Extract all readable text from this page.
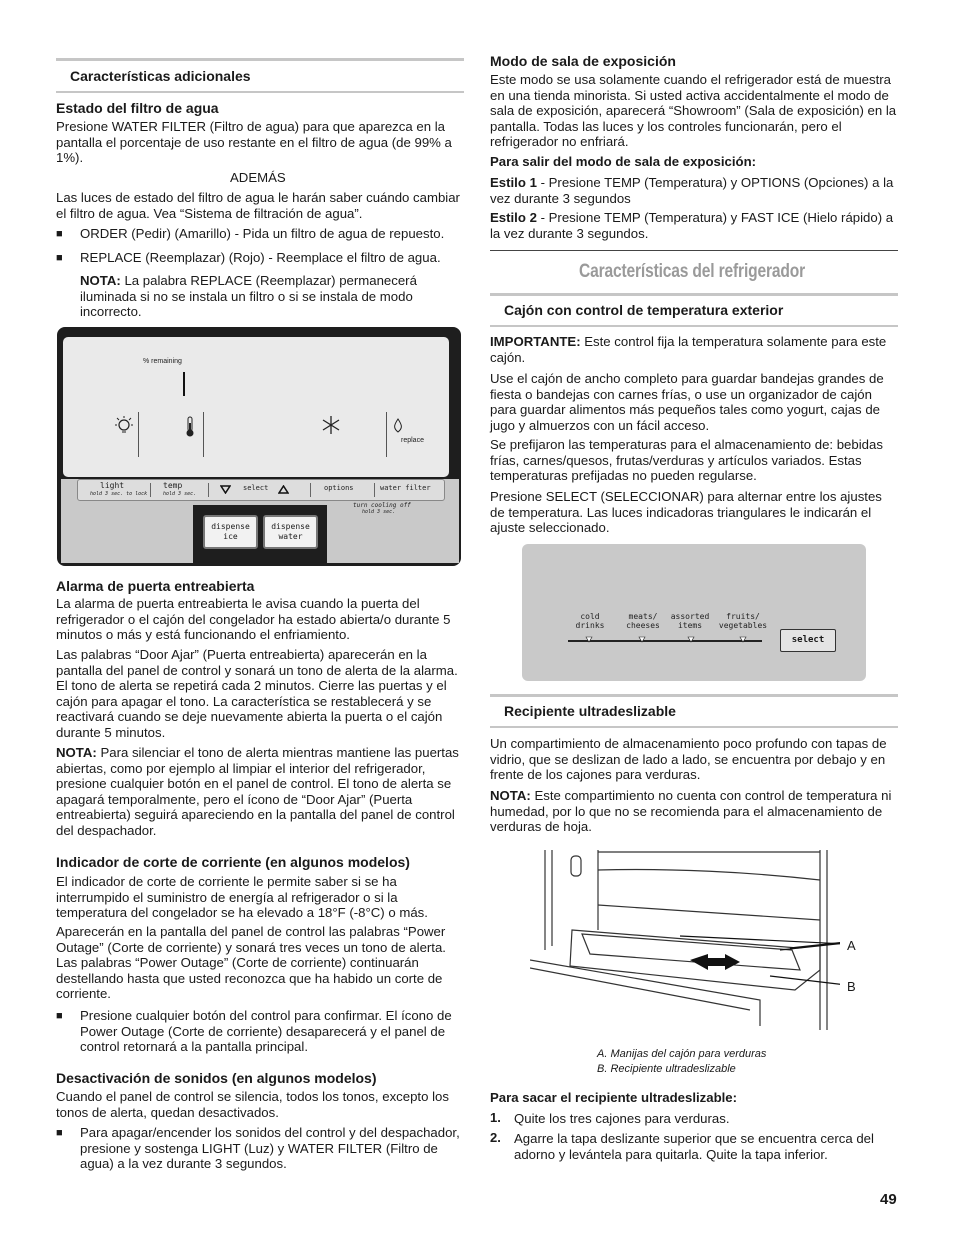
Características adicionales

Estado del filtro de agua

Presione WATER FILTER (Filtro de agua) para que aparezca en la pantalla el porcentaje de uso restante en el filtro de agua (de 99% a 1%).

ADEMÁS

Las luces de estado del filtro de agua le harán saber cuándo cambiar el filtro de agua. Vea “Sistema de filtración de agua”.

■ ORDER (Pedir) (Amarillo) - Pida un filtro de agua de repuesto.

■ REPLACE (Reemplazar) (Rojo) - Reemplace el filtro de agua.

NOTA: La palabra REPLACE (Reemplazar) permanecerá iluminada si no se instala un filtro o si se instala de modo incorrecto.

% remaining
replace
dispense ice
dispense water
light
hold 3 sec. to lock
temp
hold 3 sec.
select	options	water filter
turn cooling off
hold 3 sec.

Alarma de puerta entreabierta

La alarma de puerta entreabierta le avisa cuando la puerta del refrigerador o el cajón del congelador ha estado abierta/o durante 5 minutos o más y está funcionando el enfriamiento.

Las palabras “Door Ajar” (Puerta entreabierta) aparecerán en la pantalla del panel de control y sonará un tono de alerta de la alarma. El tono de alerta se repetirá cada 2 minutos. Cierre las puertas y el cajón para apagar el tono. La característica se restablecerá y se reactivará cuando se deje nuevamente abierta la puerta o el cajón durante 5 minutos.

NOTA: Para silenciar el tono de alerta mientras mantiene las puertas abiertas, como por ejemplo al limpiar el interior del refrigerador, presione cualquier botón en el panel de control. El tono de alerta se apagará temporalmente, pero el ícono de “Door Ajar” (Puerta entreabierta) seguirá apareciendo en la pantalla del panel de control del despachador.

Indicador de corte de corriente (en algunos modelos)

El indicador de corte de corriente le permite saber si se ha interrumpido el suministro de energía al refrigerador o si la temperatura del congelador se ha elevado a 18°F (-8°C) o más.

Aparecerán en la pantalla del panel de control las palabras “Power Outage” (Corte de corriente) y sonará tres veces un tono de alerta. Las palabras “Power Outage” (Corte de corriente) continuarán destellando hasta que usted reconozca que ha habido un corte de corriente.

■ Presione cualquier botón del control para confirmar. El ícono de Power Outage (Corte de corriente) desaparecerá y el panel de control retornará a la pantalla principal.

Desactivación de sonidos (en algunos modelos)

Cuando el panel de control se silencia, todos los tonos, excepto los tonos de alerta, quedan desactivados.

■ Para apagar/encender los sonidos del control y del despachador, presione y sostenga LIGHT (Luz) y WATER FILTER (Filtro de agua) a la vez durante 3 segundos.

Modo de sala de exposición

Este modo se usa solamente cuando el refrigerador está de muestra en una tienda minorista. Si usted activa accidentalmente el modo de sala de exposición, aparecerá “Showroom” (Sala de exposición) en la pantalla. Todas las luces y los controles funcionarán, pero el refrigerador no enfriará.

Para salir del modo de sala de exposición:

Estilo 1 - Presione TEMP (Temperatura) y OPTIONS (Opciones) a la vez durante 3 segundos

Estilo 2 - Presione TEMP (Temperatura) y FAST ICE (Hielo rápido) a la vez durante 3 segundos.

Características del refrigerador
Cajón con control de temperatura exterior

IMPORTANTE: Este control fija la temperatura solamente para este cajón.

Use el cajón de ancho completo para guardar bandejas grandes de fiesta o bandejas con carnes frías, o use un organizador de cajón para guardar alimentos más pequeños tales como yogurt, cajas de jugo y almuerzos con un fácil acceso.

Se prefijaron las temperaturas para el almacenamiento de: bebidas frías, carnes/quesos, frutas/verduras y artículos variados. Estas temperaturas prefijadas no pueden regularse.

Presione SELECT (SELECCIONAR) para alternar entre los ajustes de temperatura. Las luces indicadoras triangulares le indicarán el ajuste seleccionado.

cold drinks
meats/ cheeses
assorted items
fruits/ vegetables
select
Recipiente ultradeslizable

Un compartimiento de almacenamiento poco profundo con tapas de vidrio, que se deslizan de lado a lado, se encuentra por debajo y en frente de los cajones para verduras.

NOTA: Este compartimiento no cuenta con control de temperatura ni humedad, por lo que no se recomienda para el almacenamiento de verduras de hoja.

A
B

A. Manijas del cajón para verduras

B. Recipiente ultradeslizable

Para sacar el recipiente ultradeslizable:

1. Quite los tres cajones para verduras.

2. Agarre la tapa deslizante superior que se encuentra cerca del adorno y levántela para quitarla. Quite la tapa inferior.

49
